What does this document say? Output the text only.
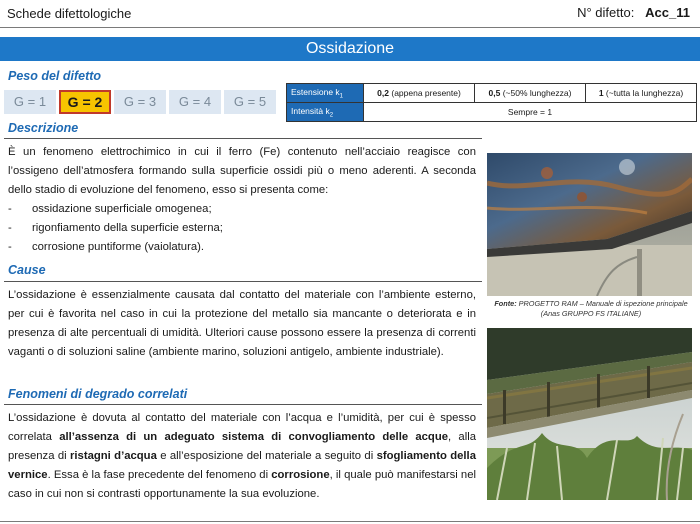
Schede difettologiche	N° difetto: Acc_11
Ossidazione
Peso del difetto
G = 1	G = 2	G = 3	G = 4	G = 5
Estensione $k_1$	0,2 (appena presente)	0,5 (~50% lunghezza)	1 (~tutta la lunghezza)
Intensità $k_2$	Sempre = 1		
Descrizione

È un fenomeno elettrochimico in cui il ferro (Fe) contenuto nell’acciaio reagisce con l’ossigeno dell’atmosfera formando sulla superficie ossidi più o meno aderenti. A seconda dello stadio di evoluzione del fenomeno, esso si presenta come:

- ossidazione superficiale omogenea;
- rigonfiamento della superficie esterna;
- corrosione puntiforme (vaiolatura).
Cause

L’ossidazione è essenzialmente causata dal contatto del materiale con l’ambiente esterno, per cui è favorita nel caso in cui la protezione del metallo sia mancante o deteriorata e in presenza di alte percentuali di umidità. Ulteriori cause possono essere la presenza di correnti vaganti o di soluzioni saline (ambiente marino, soluzioni antigelo, ambiente industriale).

Fenomeni di degrado correlati

L’ossidazione è dovuta al contatto del materiale con l’acqua e l’umidità, per cui è spesso correlata all’assenza di un adeguato sistema di convogliamento delle acque, alla presenza di ristagni d’acqua e all’esposizione del materiale a seguito di sfogliamento della vernice. Essa è la fase precedente del fenomeno di corrosione, il quale può manifestarsi nel caso in cui non si contrasti opportunamente la sua evoluzione.

Fonte: PROGETTO RAM – Manuale di ispezione principale (Anas GRUPPO FS ITALIANE)
